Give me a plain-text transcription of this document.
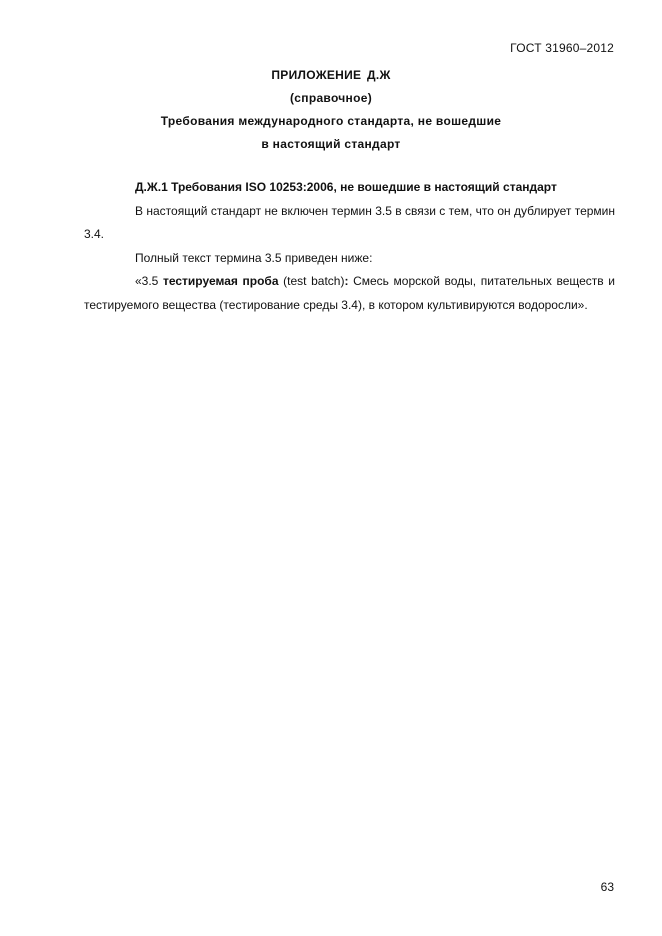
ГОСТ 31960–2012
ПРИЛОЖЕНИЕ Д.Ж
(справочное)
Требования международного стандарта, не вошедшие
в настоящий стандарт

Д.Ж.1 Требования ISO 10253:2006, не вошедшие в настоящий стандарт

В настоящий стандарт не включен термин 3.5 в связи с тем, что он дублирует термин 3.4.

Полный текст термина 3.5 приведен ниже:

«3.5 тестируемая проба (test batch): Смесь морской воды, питательных веществ и тестируемого вещества (тестирование среды 3.4), в котором культивируются водоросли».

63
